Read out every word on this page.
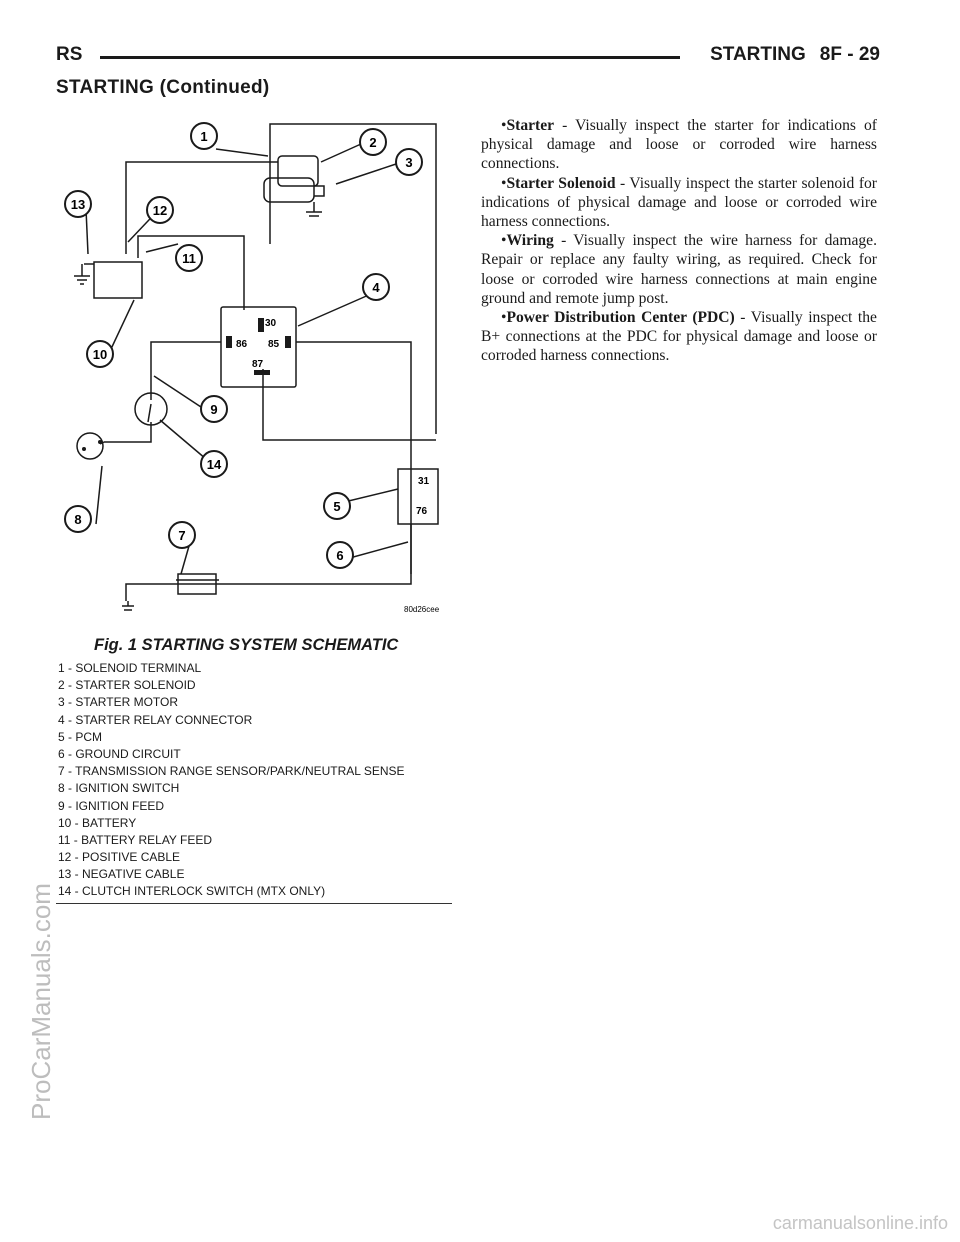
RS	STARTING 8F - 29
STARTING (Continued)
30
86 85
87
31
76
1	2
3
4
5
6
7
8
9
10
11
12
13
14
80d26cee
Fig. 1 STARTING SYSTEM SCHEMATIC
1 - SOLENOID TERMINAL
2 - STARTER SOLENOID
3 - STARTER MOTOR
4 - STARTER RELAY CONNECTOR
5 - PCM
6 - GROUND CIRCUIT
7 - TRANSMISSION RANGE SENSOR/PARK/NEUTRAL SENSE
8 - IGNITION SWITCH
9 - IGNITION FEED
10 - BATTERY
11 - BATTERY RELAY FEED
12 - POSITIVE CABLE
13 - NEGATIVE CABLE
14 - CLUTCH INTERLOCK SWITCH (MTX ONLY)

•Starter - Visually inspect the starter for indications of physical damage and loose or corroded wire harness connections.

•Starter Solenoid - Visually inspect the starter solenoid for indications of physical damage and loose or corroded wire harness connections.

•Wiring - Visually inspect the wire harness for damage. Repair or replace any faulty wiring, as required. Check for loose or corroded wire harness connections at main engine ground and remote jump post.

•Power Distribution Center (PDC) - Visually inspect the B+ connections at the PDC for physical damage and loose or corroded harness connections.

ProCarManuals.com
carmanualsonline.info
